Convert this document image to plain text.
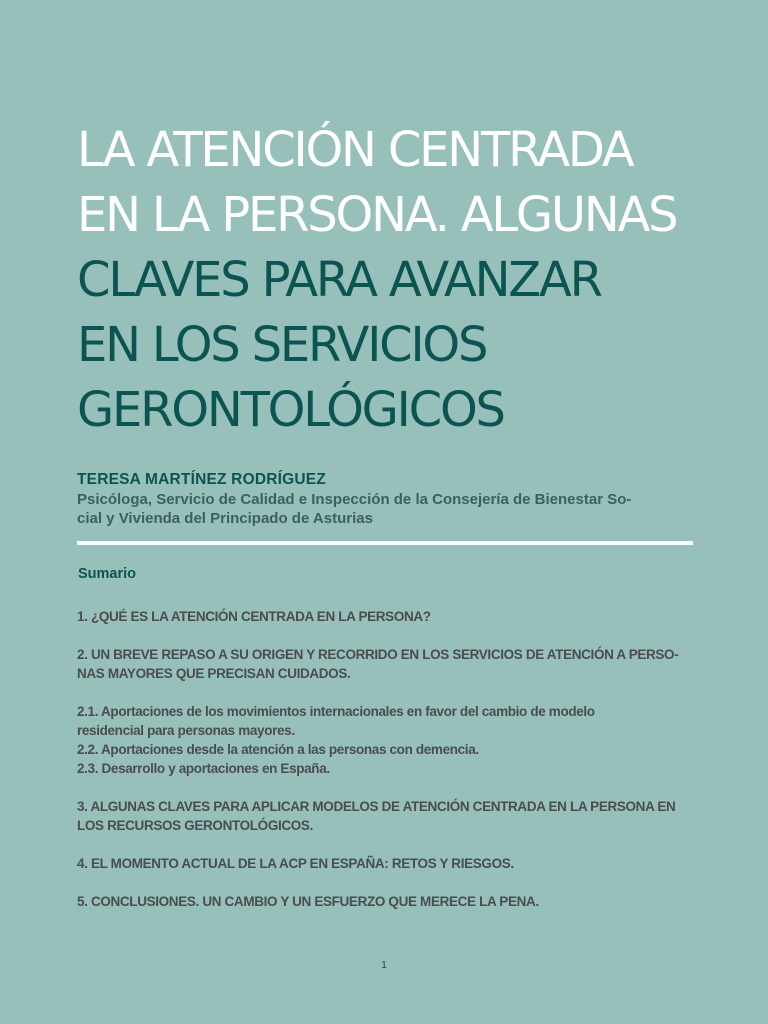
LA ATENCIÓN CENTRADA
EN LA PERSONA. ALGUNAS
CLAVES PARA AVANZAR
EN LOS SERVICIOS
GERONTOLÓGICOS
TERESA MARTÍNEZ RODRÍGUEZ
Psicóloga, Servicio de Calidad e Inspección de la Consejería de Bienestar So-
cial y Vivienda del Principado de Asturias
Sumario
1. ¿QUÉ ES LA ATENCIÓN CENTRADA EN LA PERSONA?
2. UN BREVE REPASO A SU ORIGEN Y RECORRIDO EN LOS SERVICIOS DE ATENCIÓN A PERSO-
NAS MAYORES QUE PRECISAN CUIDADOS.
2.1. Aportaciones de los movimientos internacionales en favor del cambio de modelo
residencial para personas mayores.
2.2. Aportaciones desde la atención a las personas con demencia.
2.3. Desarrollo y aportaciones en España.
3. ALGUNAS CLAVES PARA APLICAR MODELOS DE ATENCIÓN CENTRADA EN LA PERSONA EN
LOS RECURSOS GERONTOLÓGICOS.
4. EL MOMENTO ACTUAL DE LA ACP EN ESPAÑA: RETOS Y RIESGOS.
5. CONCLUSIONES. UN CAMBIO Y UN ESFUERZO QUE MERECE LA PENA.
1
